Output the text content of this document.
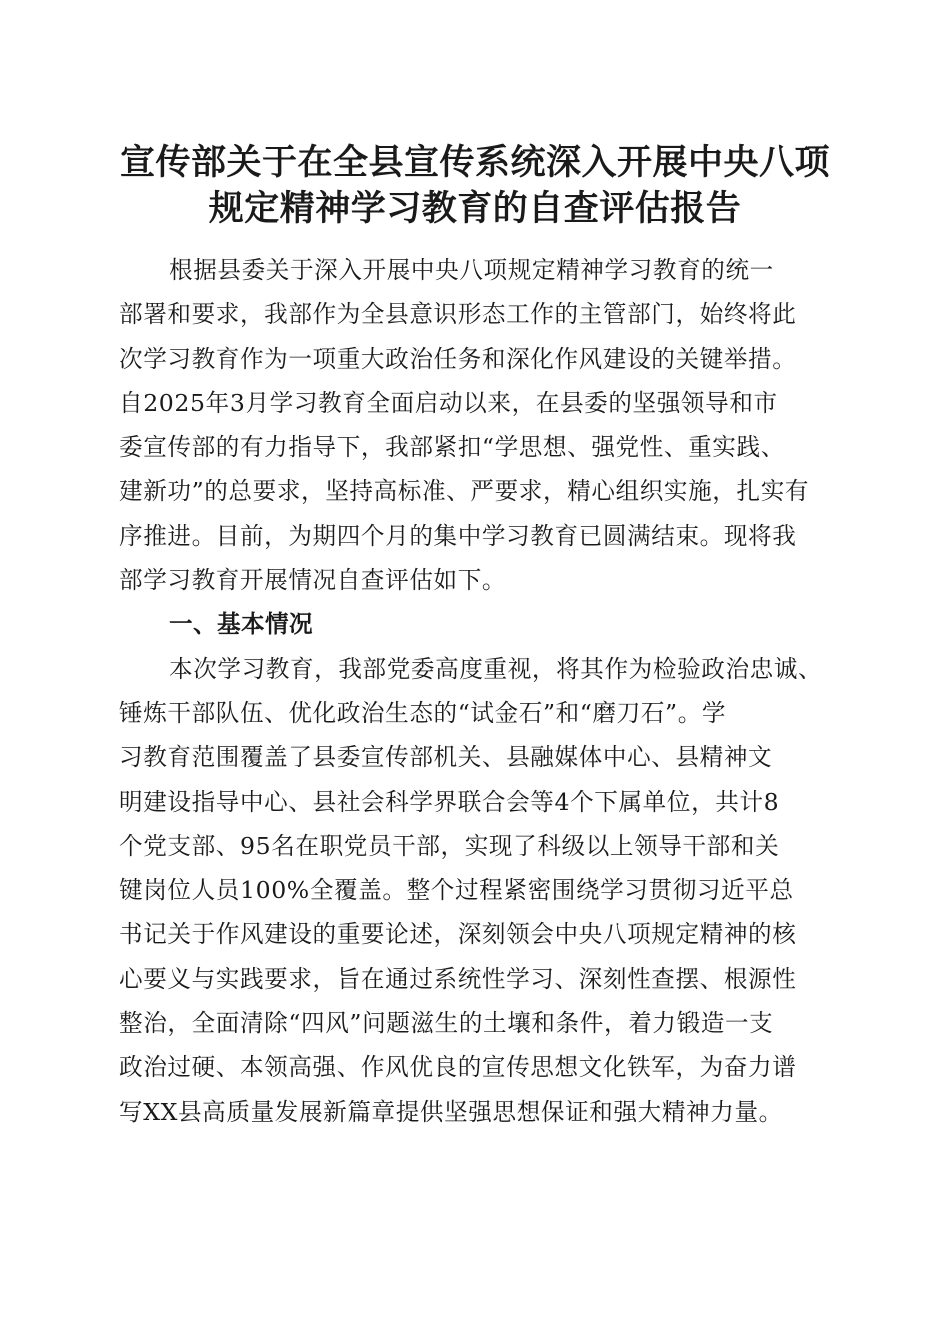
宣传部关于在全县宣传系统深入开展中央八项
规定精神学习教育的自查评估报告
根据县委关于深入开展中央八项规定精神学习教育的统一
部署和要求，我部作为全县意识形态工作的主管部门，始终将此
次学习教育作为一项重大政治任务和深化作风建设的关键举措。
自2025年3月学习教育全面启动以来，在县委的坚强领导和市
委宣传部的有力指导下，我部紧扣“学思想、强党性、重实践、
建新功”的总要求，坚持高标准、严要求，精心组织实施，扎实有
序推进。目前，为期四个月的集中学习教育已圆满结束。现将我
部学习教育开展情况自查评估如下。
一、基本情况
本次学习教育，我部党委高度重视，将其作为检验政治忠诚、
锤炼干部队伍、优化政治生态的“试金石”和“磨刀石”。学
习教育范围覆盖了县委宣传部机关、县融媒体中心、县精神文
明建设指导中心、县社会科学界联合会等4个下属单位，共计8
个党支部、95名在职党员干部，实现了科级以上领导干部和关
键岗位人员100%全覆盖。整个过程紧密围绕学习贯彻习近平总
书记关于作风建设的重要论述，深刻领会中央八项规定精神的核
心要义与实践要求，旨在通过系统性学习、深刻性查摆、根源性
整治，全面清除“四风”问题滋生的土壤和条件，着力锻造一支
政治过硬、本领高强、作风优良的宣传思想文化铁军，为奋力谱
写XX县高质量发展新篇章提供坚强思想保证和强大精神力量。
